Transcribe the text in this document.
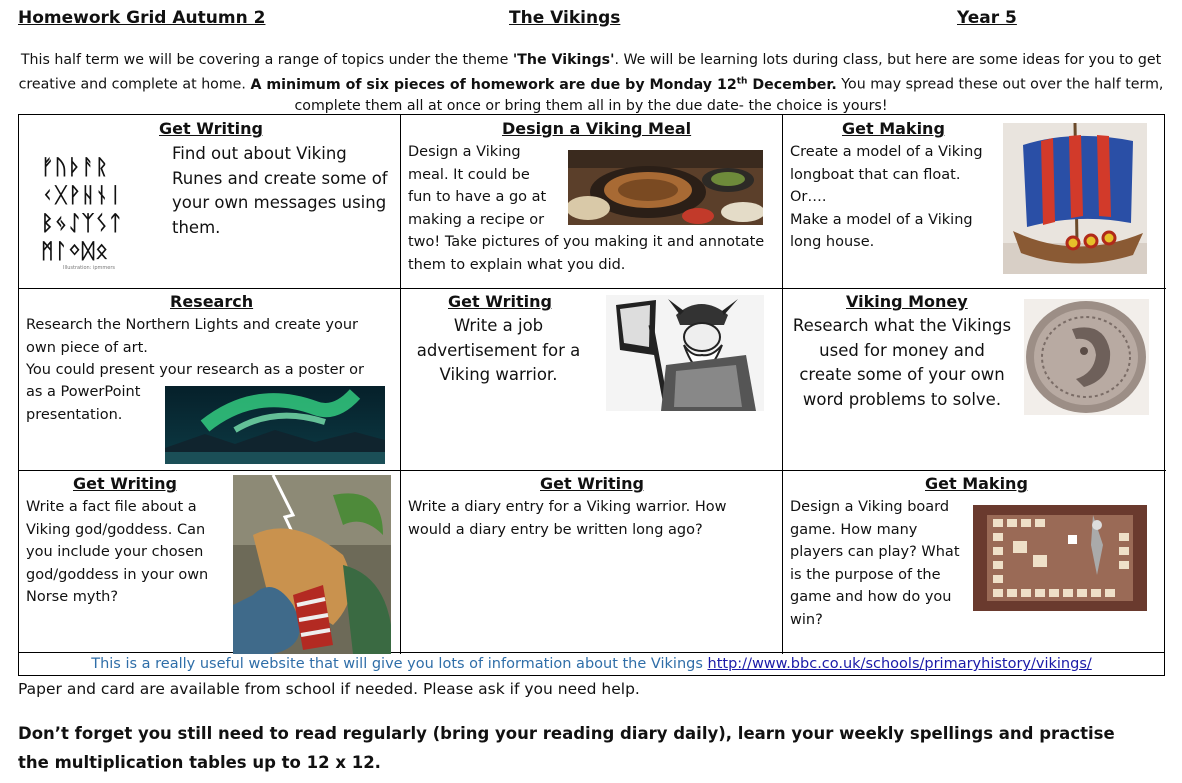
Homework Grid Autumn 2	The Vikings	Year 5
This half term we will be covering a range of topics under the theme 'The Vikings'. We will be learning lots during class, but here are some ideas for you to get creative and complete at home. A minimum of six pieces of homework are due by Monday 12th December. You may spread these out over the half term, complete them all at once or bring them all in by the due date- the choice is yours!
Get Writing
ᚠᚢᚦᚨᚱ
ᚲᚷᚹᚺᚾᛁ
ᛒᛃᛇᛉᛊᛏ
ᛗᛚᛜᛞᛟ
Illustration: ipmmers
Find out about Viking Runes and create some of your own messages using them.
Design a Viking Meal
Design a Viking meal. It could be fun to have a go at making a recipe or
two! Take pictures of you making it and annotate them to explain what you did.
Get Making
Create a model of a Viking longboat that can float.
Or….
Make a model of a Viking long house.
Research
Research the Northern Lights and create your own piece of art.
You could present your research as a poster or
as a PowerPoint presentation.
Get Writing
Write a job advertisement for a Viking warrior.
Viking Money
Research what the Vikings used for money and create some of your own word problems to solve.
Get Writing
Write a fact file about a Viking god/goddess. Can you include your chosen god/goddess in your own Norse myth?
Get Writing
Write a diary entry for a Viking warrior. How would a diary entry be written long ago?
Get Making
Design a Viking board game. How many players can play? What is the purpose of the game and how do you win?
This is a really useful website that will give you lots of information about the Vikings http://www.bbc.co.uk/schools/primaryhistory/vikings/
Paper and card are available from school if needed. Please ask if you need help.
Don’t forget you still need to read regularly (bring your reading diary daily), learn your weekly spellings and practise the multiplication tables up to 12 x 12.
